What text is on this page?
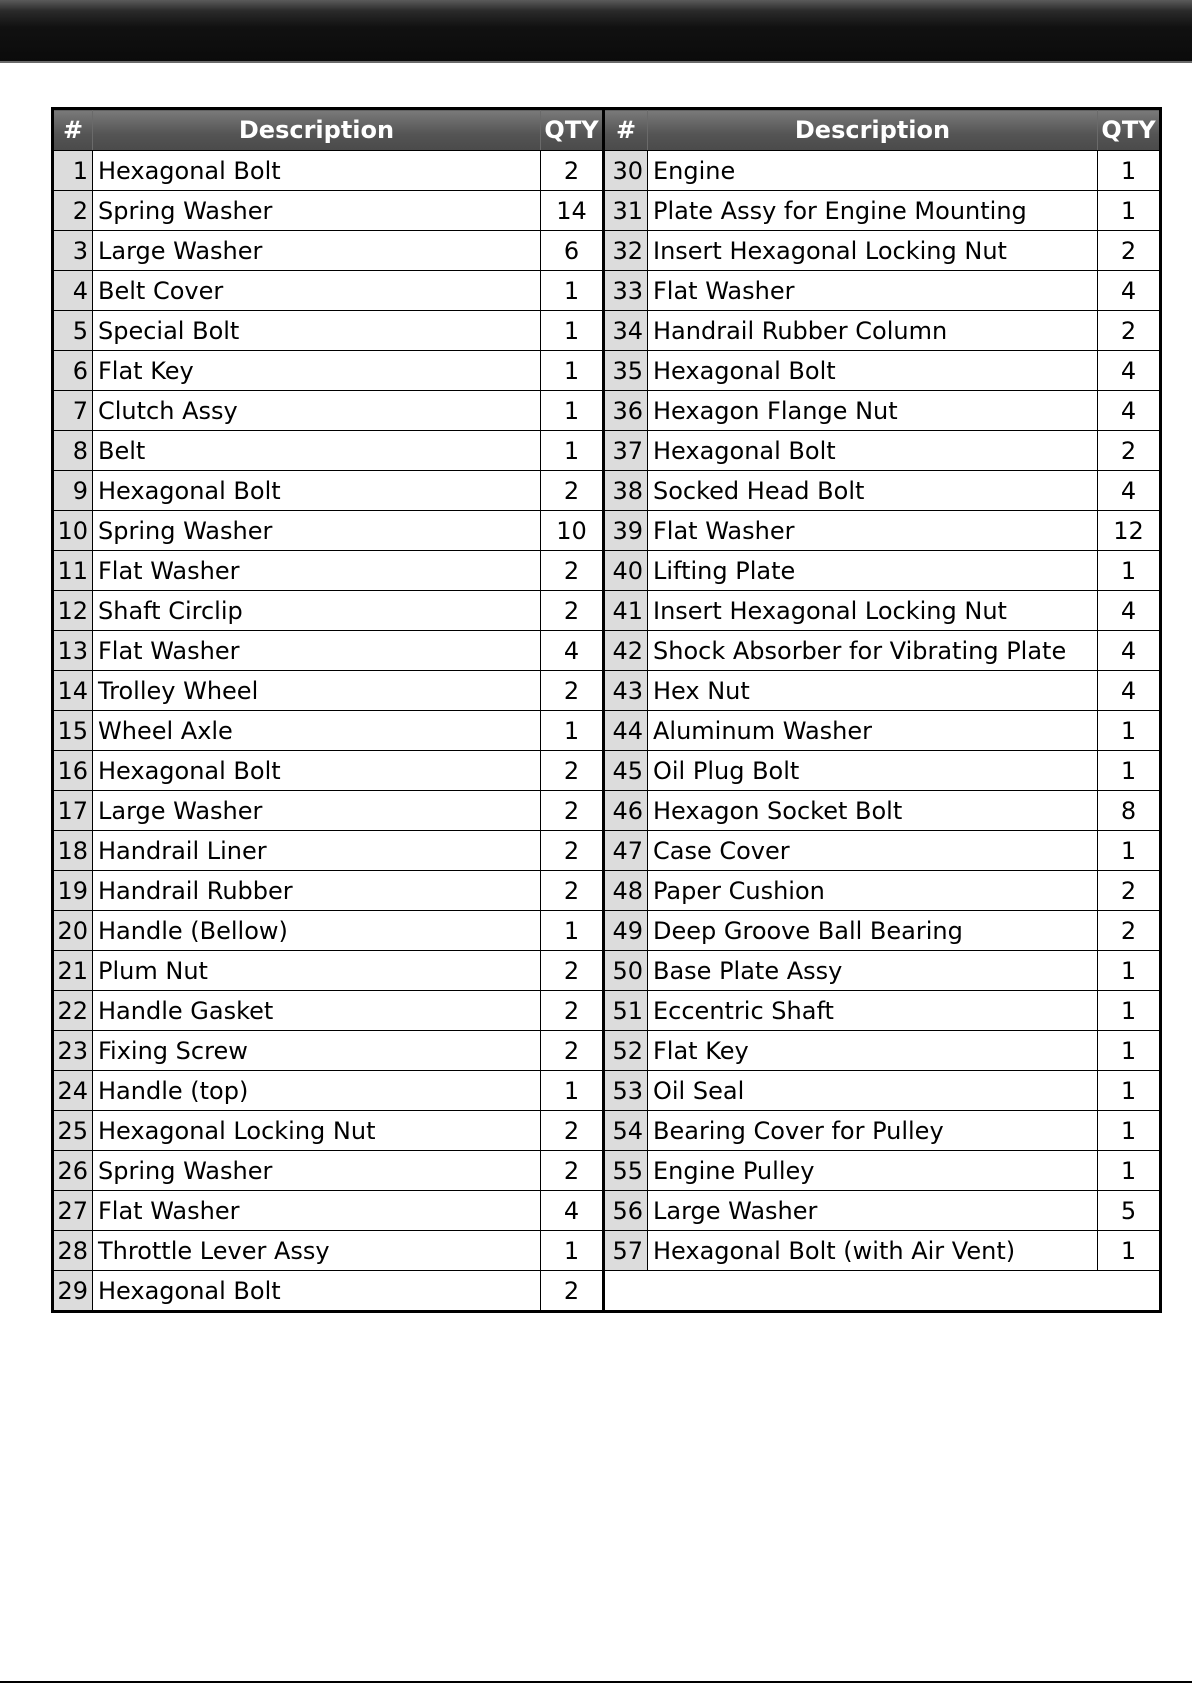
#	Description	QTY	#	Description	QTY
1	Hexagonal Bolt	2	30	Engine	1
2	Spring Washer	14	31	Plate Assy for Engine Mounting	1
3	Large Washer	6	32	Insert Hexagonal Locking Nut	2
4	Belt Cover	1	33	Flat Washer	4
5	Special Bolt	1	34	Handrail Rubber Column	2
6	Flat Key	1	35	Hexagonal Bolt	4
7	Clutch Assy	1	36	Hexagon Flange Nut	4
8	Belt	1	37	Hexagonal Bolt	2
9	Hexagonal Bolt	2	38	Socked Head Bolt	4
10	Spring Washer	10	39	Flat Washer	12
11	Flat Washer	2	40	Lifting Plate	1
12	Shaft Circlip	2	41	Insert Hexagonal Locking Nut	4
13	Flat Washer	4	42	Shock Absorber for Vibrating Plate	4
14	Trolley Wheel	2	43	Hex Nut	4
15	Wheel Axle	1	44	Aluminum Washer	1
16	Hexagonal Bolt	2	45	Oil Plug Bolt	1
17	Large Washer	2	46	Hexagon Socket Bolt	8
18	Handrail Liner	2	47	Case Cover	1
19	Handrail Rubber	2	48	Paper Cushion	2
20	Handle (Bellow)	1	49	Deep Groove Ball Bearing	2
21	Plum Nut	2	50	Base Plate Assy	1
22	Handle Gasket	2	51	Eccentric Shaft	1
23	Fixing Screw	2	52	Flat Key	1
24	Handle (top)	1	53	Oil Seal	1
25	Hexagonal Locking Nut	2	54	Bearing Cover for Pulley	1
26	Spring Washer	2	55	Engine Pulley	1
27	Flat Washer	4	56	Large Washer	5
28	Throttle Lever Assy	1	57	Hexagonal Bolt (with Air Vent)	1
29	Hexagonal Bolt	2			
